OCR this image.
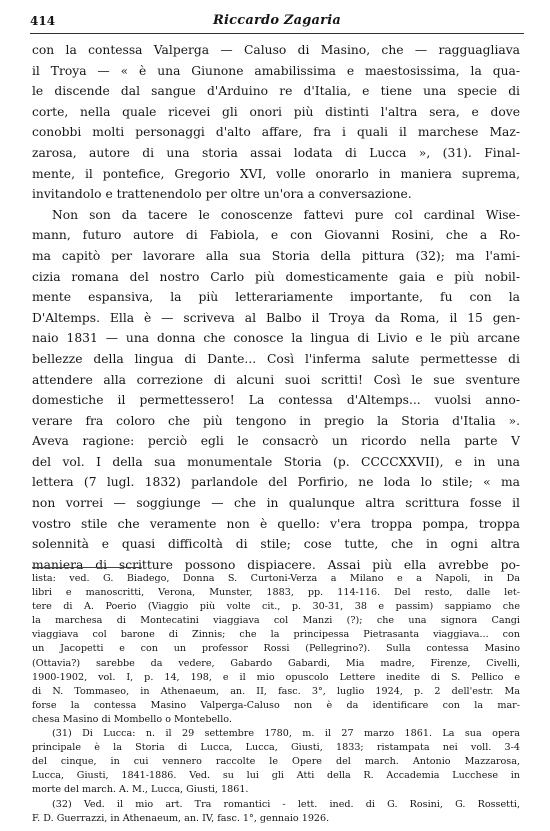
414	Riccardo Zagaria
con la contessa Valperga — Caluso di Masino, che — ragguagliava
il Troya — « è una Giunone amabilissima e maestosissima, la qua-
le discende dal sangue d'Arduino re d'Italia, e tiene una specie di
corte, nella quale ricevei gli onori più distinti l'altra sera, e dove
conobbi molti personaggi d'alto affare, fra i quali il marchese Maz-
zarosa, autore di una storia assai lodata di Lucca », (31). Final-
mente, il pontefice, Gregorio XVI, volle onorarlo in maniera suprema,
invitandolo e trattenendolo per oltre un'ora a conversazione.
Non son da tacere le conoscenze fattevi pure col cardinal Wise-
mann, futuro autore di Fabiola, e con Giovanni Rosini, che a Ro-
ma capitò per lavorare alla sua Storia della pittura (32); ma l'ami-
cizia romana del nostro Carlo più domesticamente gaia e più nobil-
mente espansiva, la più letterariamente importante, fu con la
D'Altemps. Ella è — scriveva al Balbo il Troya da Roma, il 15 gen-
naio 1831 — una donna che conosce la lingua di Livio e le più arcane
bellezze della lingua di Dante... Così l'inferma salute permettesse di
attendere alla correzione di alcuni suoi scritti! Così le sue sventure
domestiche il permettessero! La contessa d'Altemps... vuolsi anno-
verare fra coloro che più tengono in pregio la Storia d'Italia ».
Avevа ragione: perciò egli le consacrò un ricordo nella parte V
del vol. I della sua monumentale Storia (p. CCCCXXVII), e in una
lettera (7 lugl. 1832) parlandole del Porfirio, ne loda lo stile; « ma
non vorrei — soggiunge — che in qualunque altra scrittura fosse il
vostro stile che veramente non è quello: v'era troppa pompa, troppa
solennità e quasi difficoltà di stile; cose tutte, che in ogni altra
maniera di scritture possono dispiacere. Assai più ella avrebbe po-
lista: ved. G. Biadego, Donna S. Curtoni-Verza a Milano e a Napoli, in Da
libri e manoscritti, Verona, Munster, 1883, pp. 114-116. Del resto, dalle let-
tere di A. Poerio (Viaggio più volte cit., p. 30-31, 38 e passim) sappiamo che
la marchesa di Montecatini viaggiava col Manzi (?); che una signora Cangi
viaggiava col barone di Zinnis; che la principessa Pietrasanta viaggiava... con
un Jacopetti e con un professor Rossi (Pellegrino?). Sulla contessa Masino
(Ottavia?) sarebbe da vedere, Gabardo Gabardi, Mia madre, Firenze, Civelli,
1900-1902, vol. I, p. 14, 198, e il mio opuscolo Lettere inedite di S. Pellico e
di N. Tommaseo, in Athenaeum, an. II, fasc. 3°, luglio 1924, p. 2 dell'estr. Ma
forse la contessa Masino Valperga-Caluso non è da identificare con la mar-
chesa Masino di Mombello o Montebello.
(31) Di Lucca: n. il 29 settembre 1780, m. il 27 marzo 1861. La sua opera
principale è la Storia di Lucca, Lucca, Giusti, 1833; ristampata nei voll. 3-4
del cinque, in cui vennero raccolte le Opere del march. Antonio Mazzarosa,
Lucca, Giusti, 1841-1886. Ved. su lui gli Atti della R. Accademia Lucchese in
morte del march. A. M., Lucca, Giusti, 1861.
(32) Ved. il mio art. Tra romantici - lett. ined. di G. Rosini, G. Rossetti,
F. D. Guerrazzi, in Athenaeum, an. IV, fasc. 1°, gennaio 1926.
